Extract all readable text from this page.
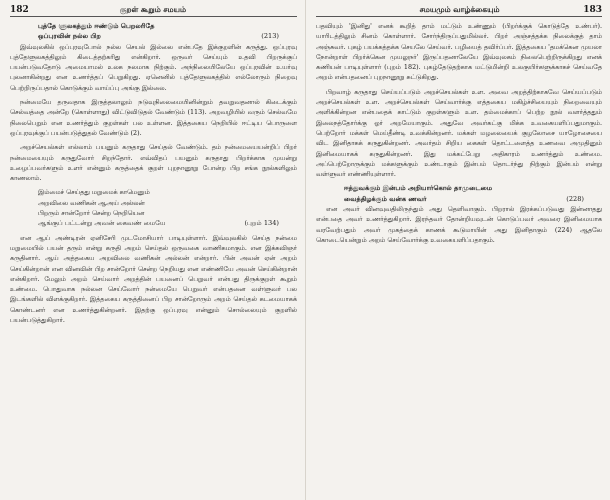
182	குறள் கூறும் சமயம்
புத்தே ளுலகத்தும் ஈண்டும் பெறலரிதே
ஒப்புரவின் நல்ல பிற	(213)

இவ்வுலகில் ஒப்புரவுபோல் நல்ல செயல் இல்லை என்பதே இக்குறளின் கருத்து. ஒப்புரவு புத்தேளுலகத்திலும் கிடைத்தற்கரிது என்கிறார். ஒருவர் செய்யும் உதவி பிறருக்குப் பயன்படுவதோடு அமையாமல் உலக நலமாக நிற்கும். அந்நிலையிலேயே ஒப்புரவின் உயர்வு புலனாகின்றது என உணர்த்தப் பெறுகிறது. ஏனெனில் புத்தேளுலகத்தில் எல்லோரும் நிறைவு பெற்றிருப்பதால் கொடுக்கும் வாய்ப்பு அங்கு இல்லை.

நன்மையே தருவதாக இருத்தலாலும் நடுவுநிலைமையினின்றும் தவறுவதனால் கிடைக்கும் செல்வத்தை அன்றே (கொள்ளாது) விட்டுவிடுதல் வேண்டும் (113). அறவழியில் வரும் செல்வமே நிலைபெறும் என உணர்த்தும் குறள்கள் பல உள்ளன. இத்தகைய நெறியில் ஈட்டிய பொருளை ஒப்புரவுக்குப் பயன்படுத்துதல் வேண்டும் (2).

அறச்செயல்கள் எல்லாம் பயனும் கருதாது செய்தல் வேண்டும். தம் நன்மையையன்றிப் பிறர் நன்மையையும் கருதுவோர் சிறந்தோர். எவ்விதப் பயனும் கருதாது பிறர்க்காக முயன்று உழைப்பவர்களும் உளர் என்னும் கருத்தைக் குறள் புறநானூறு போன்ற பிற சங்க நூல்களிலும் காணலாம்.

இம்மைச் செய்தது மறுமைக் காமெனும்
அறவிலை வணிகன் ஆஅய் அல்லன்
பிறரும் சான்றோர் சென்ற நெறியென
ஆங்குப் பட்டன்று அவன் கைவண் மையே	(புறம் 134)

என ஆய் அண்டிரன் ஏனிசேரி முடமோசியார் பாடியுள்ளார். இவ்வுலகில் செய்த நன்மை மறுமையில் பயன் தரும் என்று கருதி அறம் செய்தல் ஒருவகை வாணிகமாகும். என இக்கவிஞர் கருதினார். ஆய் அத்தகைய அறவிலை வணிகன் அல்லன் என்றார். பின் அவன் ஏன் அறம் செய்கின்றான் என வினவின் பிற சான்றோர் சென்ற நெறியது என எண்ணியே அவன் செய்கின்றான் என்கிறார். மேலும் அறம் செய்வார் அறத்தின் பயனைப் பெறுவர் என்பது திருக்குறள் கூறும் உண்மை. பொதுவாக நல்லன செய்வோர் நன்மையே பெறுவர் என்பதனை வள்ளுவர் பல இடங்களில் விளக்குகிறார். இத்தகைய கருத்தினைப் பிற சான்றோரும் அறம் செய்தல் கடமையாகக் கொண்டனர் என உணர்த்துகின்றனர். இதற்கு ஒப்புரவு என்னும் சொல்லையும் குறளில் பயன்படுத்துகிறார்.

சமயமும் வாழ்க்கையும்	183

பதவியும் 'இனிது' எனக் கூறித் தாம் மட்டும் உண்ணும் (பிறர்க்குக் கொடுத்தே உண்பர்). யாரிடத்திலும் சினம் கொள்ளார். சோர்ந்திருப்பதுமில்லர். பிறர் அஞ்சத்தக்க நிலைக்குத் தாம் அஞ்சுவர். புகழ் பயக்கத்தக்க செயலே செய்வர். பழியைத் தவிர்ப்பர். இத்தகைய 'தமக்கென முயலா நோன்றாள் பிறர்க்கென முயலுநர்' இருப்பதனாலேயே இவ்வுலகம் நிலைபெற்றிருக்கிறது எனக் கணியன் பாடியுள்ளார் (புறம் 182). புகழ்தேடுதற்காக மட்டுமின்றி உலகுயிர்களுக்காகச் செய்வதே அறம் என்பதனைப் புறநானூறு சுட்டுகிறது.

பிறவாழ் கருதாது செய்யப்படும் அறச்செயல்கள் உள. அவை அறத்திற்காகவே செய்யப்படும் அறச்செயல்கள் உள. அறச்செயல்கள் செய்வார்க்கு எத்தகைய மகிழ்ச்சியையும் நிறைவையும் அளிக்கின்றன என்பதைக் காட்டும் குறள்களும் உள. தம்மைக்காப் பெற்ற நூல் வளர்த்ததும் இலைநத்தோர்க்கு ஓர் அறமேயாகும். அதுவே அவர்கட்கு மிக்க உவகையளிப்பதுமாகும். பெற்றோர் மக்கள் மெய்தீண்டி உவக்கின்றனர். மக்கள் மழலையைக் குழலோசை யாழோசையை விட இனிதாகக் கருதுகின்றனர். அவர்தம் சிறிய கைகள் தொட்டளைத்த உணவை அமுதினும் இனிமையாகக் கருதுகின்றனர். இது மக்கட்பேறு அதிகாரம் உணர்த்தும் உண்மை. அப்பெற்றோருக்கும் மக்களுக்கும் உண்டாகும் இன்பம் தொடர்ந்து நிற்கும் இன்பம் என்று வள்ளுவர் எண்ணியுள்ளார்.

ஈத்துவக்கும் இன்பம் அறியார்கொல் தாமுடைமை
வைத்திழக்கும் வன்க ணவர்	(228)

என அவர் வினவுவதிலிருந்தும் அது தெளிவாகும். பிறரால் இரக்கப்படுவது இன்னாதது என்பதை அவர் உணர்த்துகிறார். இரந்தவர் தோன்றியவுடன் கொடுப்பவர் அவரை இனிமையாக வரவேற்பதும் அவர் முகத்தைக் காணக் கூடுமாயின் அது இனிதாகும் (224) ஆதலே கொடையென்றும் அறம் செய்வோர்க்கு உவகையளிப்பதாகும்.
